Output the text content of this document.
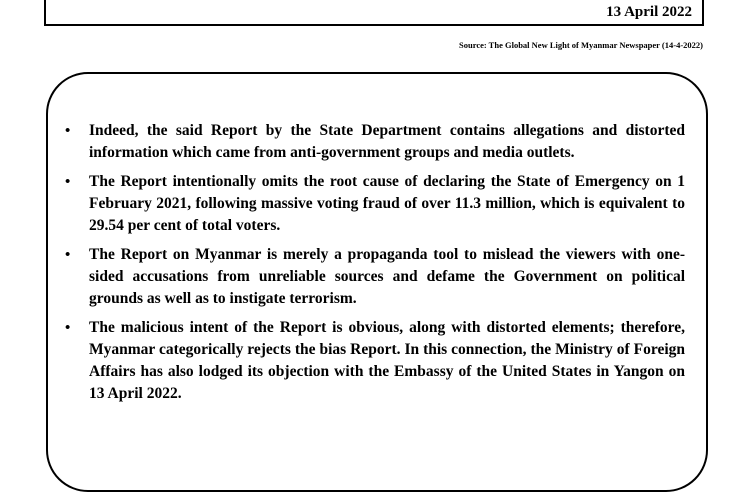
13 April 2022
Source: The Global New Light of Myanmar Newspaper (14-4-2022)
• Indeed, the said Report by the State Department contains allegations and distorted information which came from anti-government groups and media outlets.
• The Report intentionally omits the root cause of declaring the State of Emergency on 1 February 2021, following massive voting fraud of over 11.3 million, which is equivalent to 29.54 per cent of total voters.
• The Report on Myanmar is merely a propaganda tool to mislead the viewers with one-sided accusations from unreliable sources and defame the Government on political grounds as well as to instigate terrorism.
• The malicious intent of the Report is obvious, along with distorted elements; therefore, Myanmar categorically rejects the bias Report. In this connection, the Ministry of Foreign Affairs has also lodged its objection with the Embassy of the United States in Yangon on 13 April 2022.
